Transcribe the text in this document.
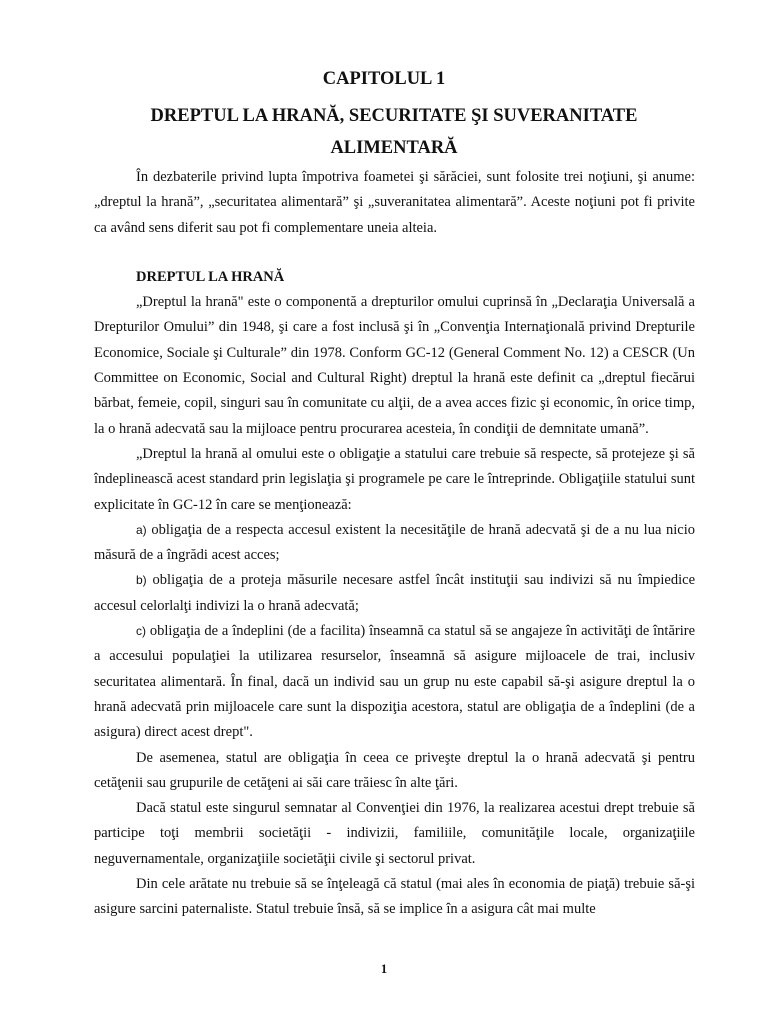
CAPITOLUL 1
DREPTUL LA HRANĂ, SECURITATE ŞI SUVERANITATE ALIMENTARĂ

În dezbaterile privind lupta împotriva foametei şi sărăciei, sunt folosite trei noţiuni, şi anume: „dreptul la hrană”, „securitatea alimentară” şi „suveranitatea alimentară”. Aceste noţiuni pot fi privite ca având sens diferit sau pot fi complementare uneia alteia.

DREPTUL LA HRANĂ

„Dreptul la hrană" este o componentă a drepturilor omului cuprinsă în „Declaraţia Universală a Drepturilor Omului” din 1948, şi care a fost inclusă şi în „Convenţia Internaţională privind Drepturile Economice, Sociale şi Culturale” din 1978. Conform GC-12 (General Comment No. 12) a CESCR (Un Committee on Economic, Social and Cultural Right) dreptul la hrană este definit ca „dreptul fiecărui bărbat, femeie, copil, singuri sau în comunitate cu alţii, de a avea acces fizic şi economic, în orice timp, la o hrană adecvată sau la mijloace pentru procurarea acesteia, în condiţii de demnitate umană”.

„Dreptul la hrană al omului este o obligaţie a statului care trebuie să respecte, să protejeze şi să îndeplinească acest standard prin legislaţia şi programele pe care le întreprinde. Obligaţiile statului sunt explicitate în GC-12 în care se menţionează:

a) obligaţia de a respecta accesul existent la necesităţile de hrană adecvată şi de a nu lua nicio măsură de a îngrădi acest acces;

b) obligaţia de a proteja măsurile necesare astfel încât instituţii sau indivizi să nu împiedice accesul celorlalţi indivizi la o hrană adecvată;

c) obligaţia de a îndeplini (de a facilita) înseamnă ca statul să se angajeze în activităţi de întărire a accesului populaţiei la utilizarea resurselor, înseamnă să asigure mijloacele de trai, inclusiv securitatea alimentară. În final, dacă un individ sau un grup nu este capabil să-şi asigure dreptul la o hrană adecvată prin mijloacele care sunt la dispoziţia acestora, statul are obligaţia de a îndeplini (de a asigura) direct acest drept".

De asemenea, statul are obligaţia în ceea ce priveşte dreptul la o hrană adecvată şi pentru cetăţenii sau grupurile de cetăţeni ai săi care trăiesc în alte ţări.

Dacă statul este singurul semnatar al Convenţiei din 1976, la realizarea acestui drept trebuie să participe toţi membrii societăţii - indivizii, familiile, comunităţile locale, organizaţiile neguvernamentale, organizaţiile societăţii civile şi sectorul privat.

Din cele arătate nu trebuie să se înţeleagă că statul (mai ales în economia de piaţă) trebuie să-şi asigure sarcini paternaliste. Statul trebuie însă, să se implice în a asigura cât mai multe

1
